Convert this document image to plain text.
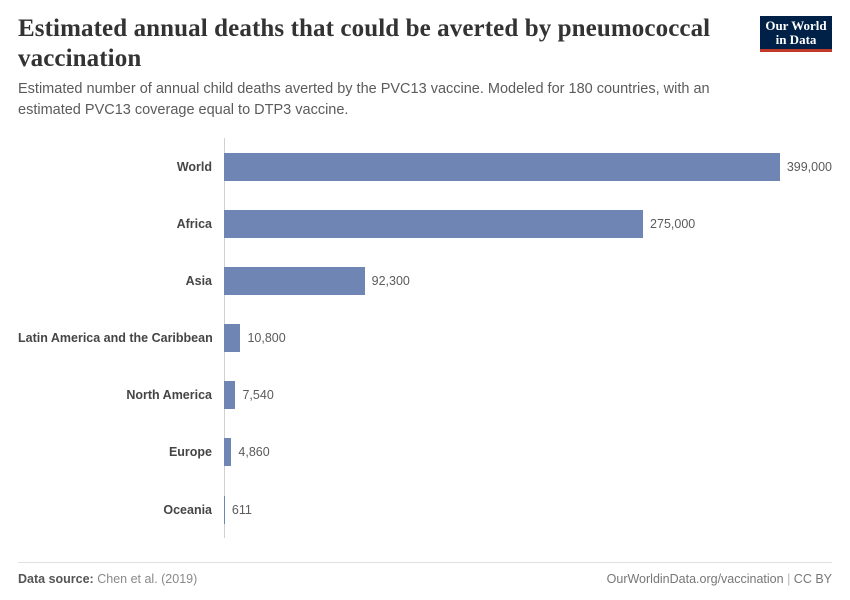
Estimated annual deaths that could be averted by pneumococcal vaccination

Estimated number of annual child deaths averted by the PVC13 vaccine. Modeled for 180 countries, with an estimated PVC13 coverage equal to DTP3 vaccine.

Our World
in Data
World	399,000
Africa	275,000
Asia	92,300
Latin America and the Caribbean	10,800
North America	7,540
Europe	4,860
Oceania	611
Data source: Chen et al. (2019)	OurWorldinData.org/vaccination | CC BY
